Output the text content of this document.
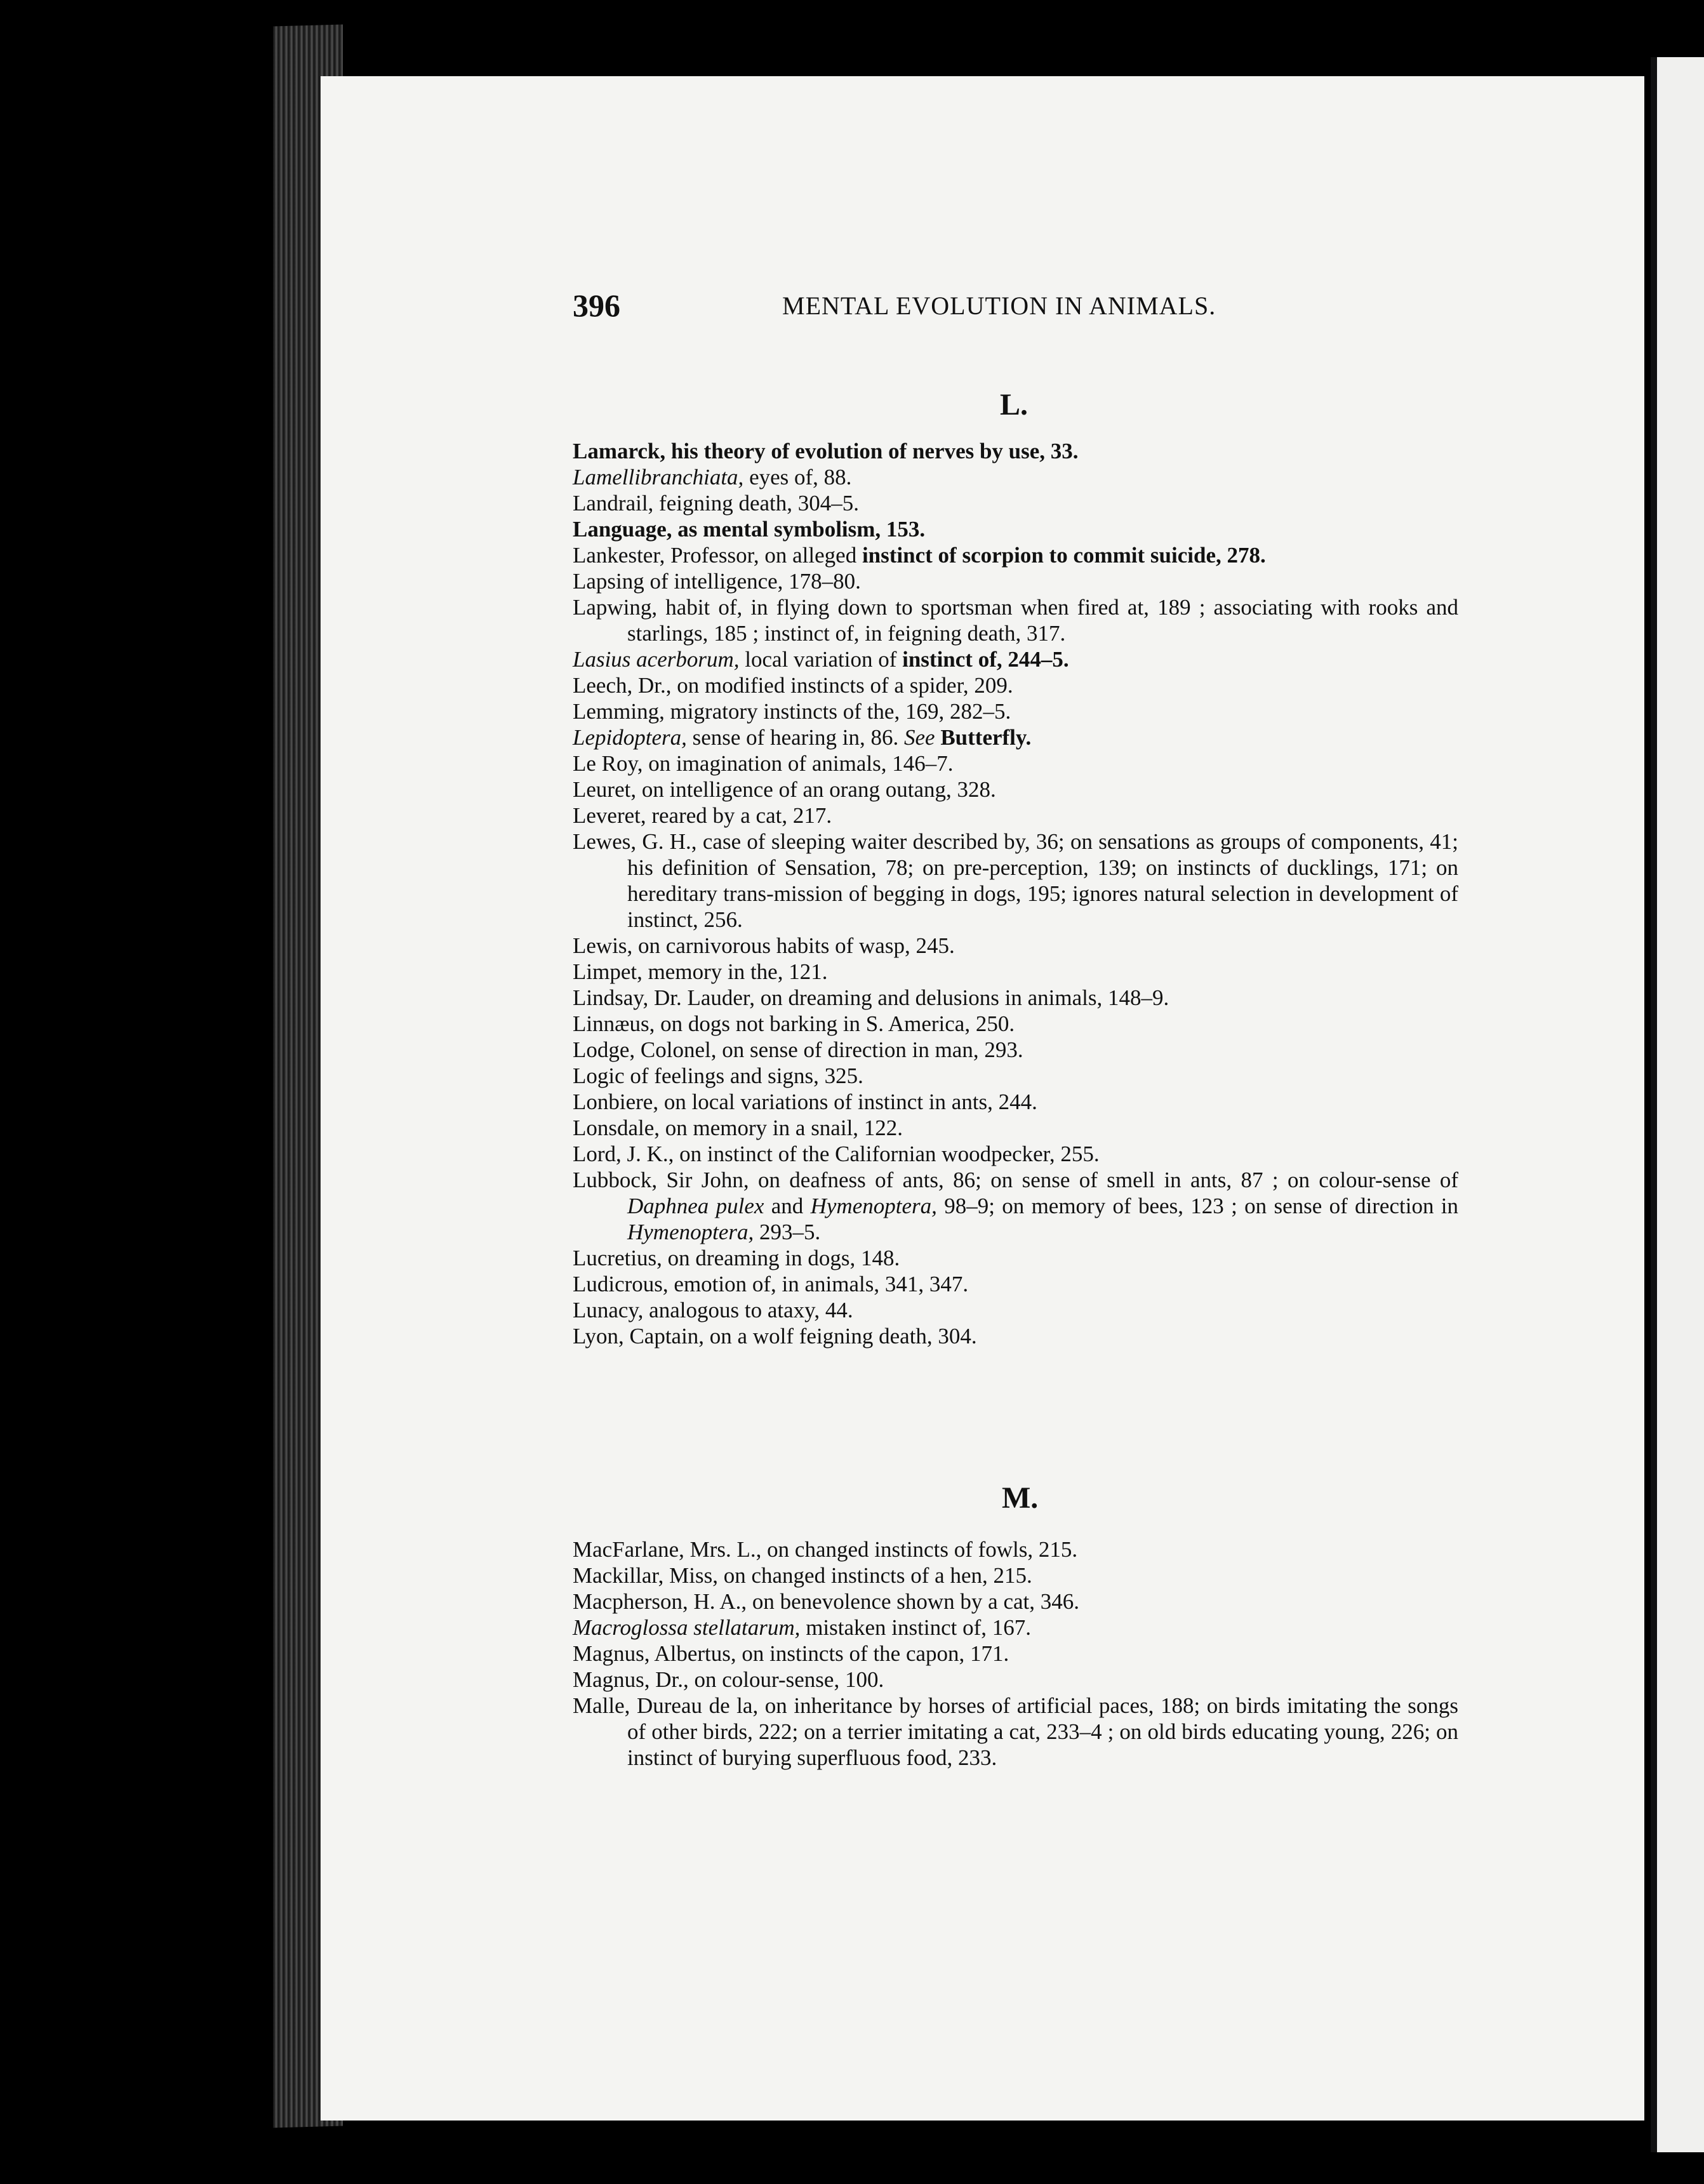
396	MENTAL EVOLUTION IN ANIMALS.
L.

Lamarck, his theory of evolution of nerves by use, 33.

Lamellibranchiata, eyes of, 88.

Landrail, feigning death, 304–5.

Language, as mental symbolism, 153.

Lankester, Professor, on alleged instinct of scorpion to commit suicide, 278.

Lapsing of intelligence, 178–80.

Lapwing, habit of, in flying down to sportsman when fired at, 189 ; associating with rooks and starlings, 185 ; instinct of, in feigning death, 317.

Lasius acerborum, local variation of instinct of, 244–5.

Leech, Dr., on modified instincts of a spider, 209.

Lemming, migratory instincts of the, 169, 282–5.

Lepidoptera, sense of hearing in, 86. See Butterfly.

Le Roy, on imagination of animals, 146–7.

Leuret, on intelligence of an orang outang, 328.

Leveret, reared by a cat, 217.

Lewes, G. H., case of sleeping waiter described by, 36; on sensations as groups of components, 41; his definition of Sensation, 78; on pre-perception, 139; on instincts of ducklings, 171; on hereditary trans-mission of begging in dogs, 195; ignores natural selection in development of instinct, 256.

Lewis, on carnivorous habits of wasp, 245.

Limpet, memory in the, 121.

Lindsay, Dr. Lauder, on dreaming and delusions in animals, 148–9.

Linnæus, on dogs not barking in S. America, 250.

Lodge, Colonel, on sense of direction in man, 293.

Logic of feelings and signs, 325.

Lonbiere, on local variations of instinct in ants, 244.

Lonsdale, on memory in a snail, 122.

Lord, J. K., on instinct of the Californian woodpecker, 255.

Lubbock, Sir John, on deafness of ants, 86; on sense of smell in ants, 87 ; on colour-sense of Daphnea pulex and Hymenoptera, 98–9; on memory of bees, 123 ; on sense of direction in Hymenoptera, 293–5.

Lucretius, on dreaming in dogs, 148.

Ludicrous, emotion of, in animals, 341, 347.

Lunacy, analogous to ataxy, 44.

Lyon, Captain, on a wolf feigning death, 304.

M.

MacFarlane, Mrs. L., on changed instincts of fowls, 215.

Mackillar, Miss, on changed instincts of a hen, 215.

Macpherson, H. A., on benevolence shown by a cat, 346.

Macroglossa stellatarum, mistaken instinct of, 167.

Magnus, Albertus, on instincts of the capon, 171.

Magnus, Dr., on colour-sense, 100.

Malle, Dureau de la, on inheritance by horses of artificial paces, 188; on birds imitating the songs of other birds, 222; on a terrier imitating a cat, 233–4 ; on old birds educating young, 226; on instinct of burying superfluous food, 233.
